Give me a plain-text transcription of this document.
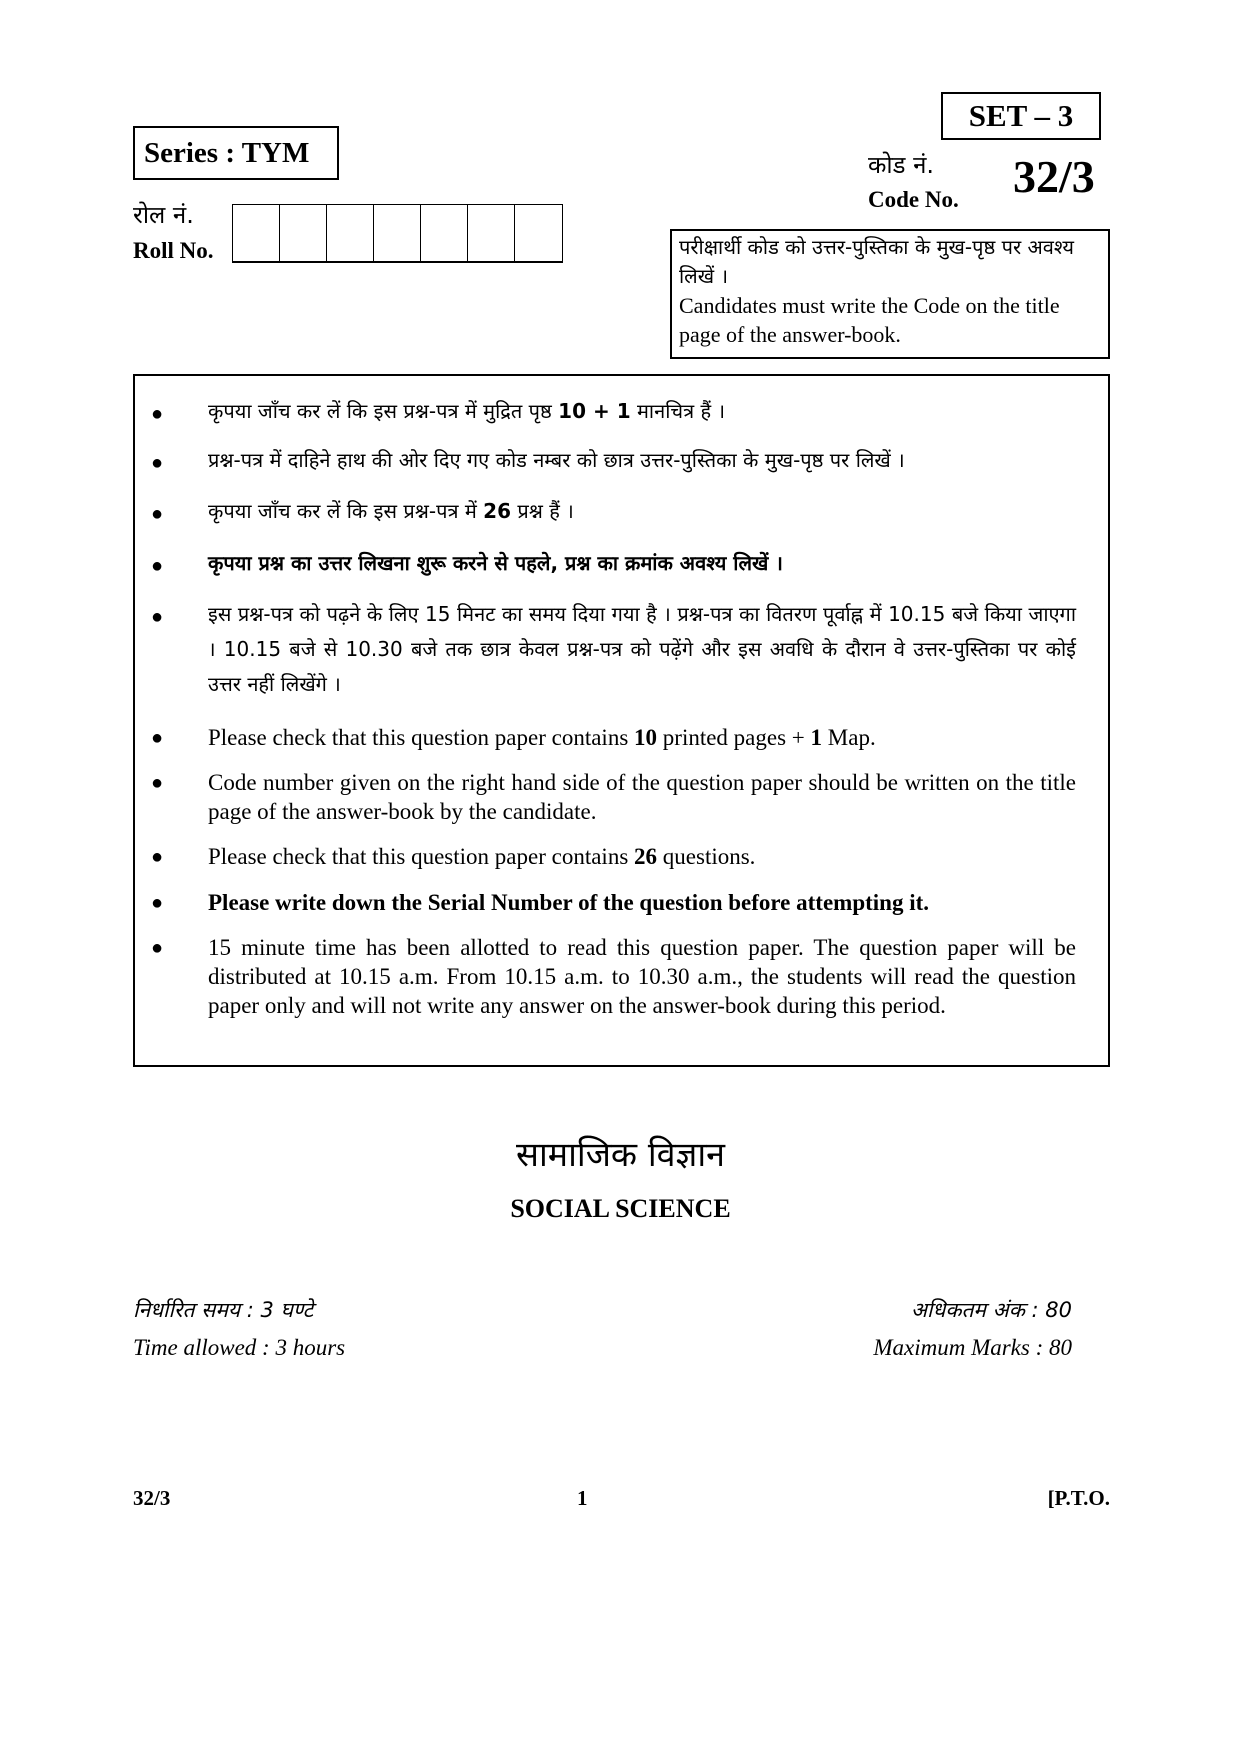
Series : TYM
SET – 3
रोल नं.
Roll No.
कोड नं.
Code No. 32/3
परीक्षार्थी कोड को उत्तर-पुस्तिका के मुख-पृष्ठ पर अवश्य लिखें ।
Candidates must write the Code on the title page of the answer-book.
● कृपया जाँच कर लें कि इस प्रश्न-पत्र में मुद्रित पृष्ठ 10 + 1 मानचित्र हैं ।
● प्रश्न-पत्र में दाहिने हाथ की ओर दिए गए कोड नम्बर को छात्र उत्तर-पुस्तिका के मुख-पृष्ठ पर लिखें ।
● कृपया जाँच कर लें कि इस प्रश्न-पत्र में 26 प्रश्न हैं ।
● कृपया प्रश्न का उत्तर लिखना शुरू करने से पहले, प्रश्न का क्रमांक अवश्य लिखें ।
● इस प्रश्न-पत्र को पढ़ने के लिए 15 मिनट का समय दिया गया है । प्रश्न-पत्र का वितरण पूर्वाह्न में 10.15 बजे किया जाएगा । 10.15 बजे से 10.30 बजे तक छात्र केवल प्रश्न-पत्र को पढ़ेंगे और इस अवधि के दौरान वे उत्तर-पुस्तिका पर कोई उत्तर नहीं लिखेंगे ।
● Please check that this question paper contains 10 printed pages + 1 Map.
● Code number given on the right hand side of the question paper should be written on the title page of the answer-book by the candidate.
● Please check that this question paper contains 26 questions.
● Please write down the Serial Number of the question before attempting it.
● 15 minute time has been allotted to read this question paper. The question paper will be distributed at 10.15 a.m. From 10.15 a.m. to 10.30 a.m., the students will read the question paper only and will not write any answer on the answer-book during this period.
सामाजिक विज्ञान
SOCIAL SCIENCE
निर्धारित समय : 3 घण्टे
Time allowed : 3 hours
अधिकतम अंक : 80
Maximum Marks : 80
32/3	1	[P.T.O.
